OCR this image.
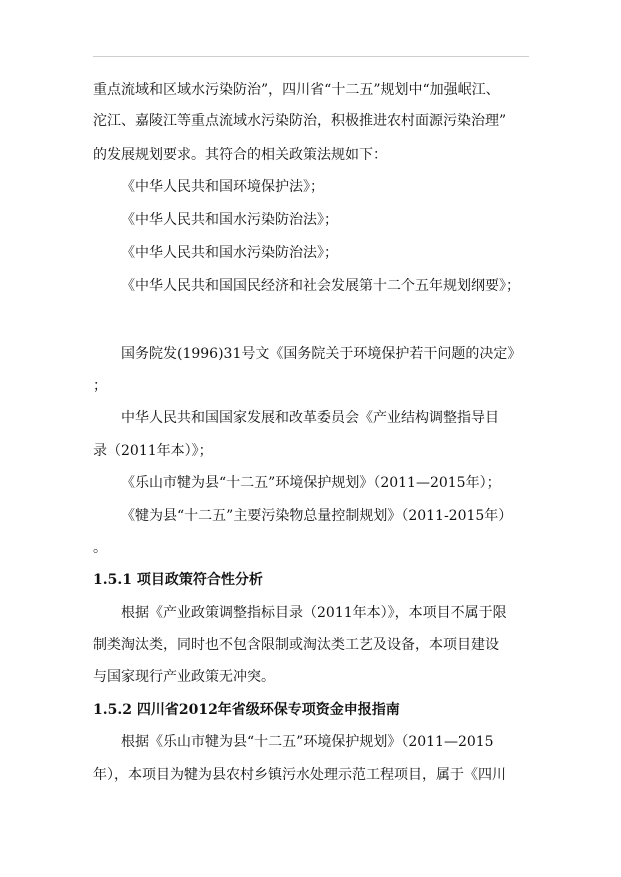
重点流域和区域水污染防治”，四川省“十二五”规划中“加强岷江、
沱江、嘉陵江等重点流域水污染防治，积极推进农村面源污染治理”
的发展规划要求。其符合的相关政策法规如下：
《中华人民共和国环境保护法》；
《中华人民共和国水污染防治法》；
《中华人民共和国水污染防治法》；
《中华人民共和国国民经济和社会发展第十二个五年规划纲要》；
国务院发(1996)31号文《国务院关于环境保护若干问题的决定》
；
中华人民共和国国家发展和改革委员会《产业结构调整指导目
录（2011年本）》；
《乐山市犍为县“十二五”环境保护规划》（2011—2015年）；
《犍为县“十二五”主要污染物总量控制规划》（2011-2015年）
。
1.5.1 项目政策符合性分析
根据《产业政策调整指标目录（2011年本）》，本项目不属于限
制类淘汰类，同时也不包含限制或淘汰类工艺及设备，本项目建设
与国家现行产业政策无冲突。
1.5.2 四川省2012年省级环保专项资金申报指南
根据《乐山市犍为县“十二五”环境保护规划》（2011—2015
年），本项目为犍为县农村乡镇污水处理示范工程项目，属于《四川
